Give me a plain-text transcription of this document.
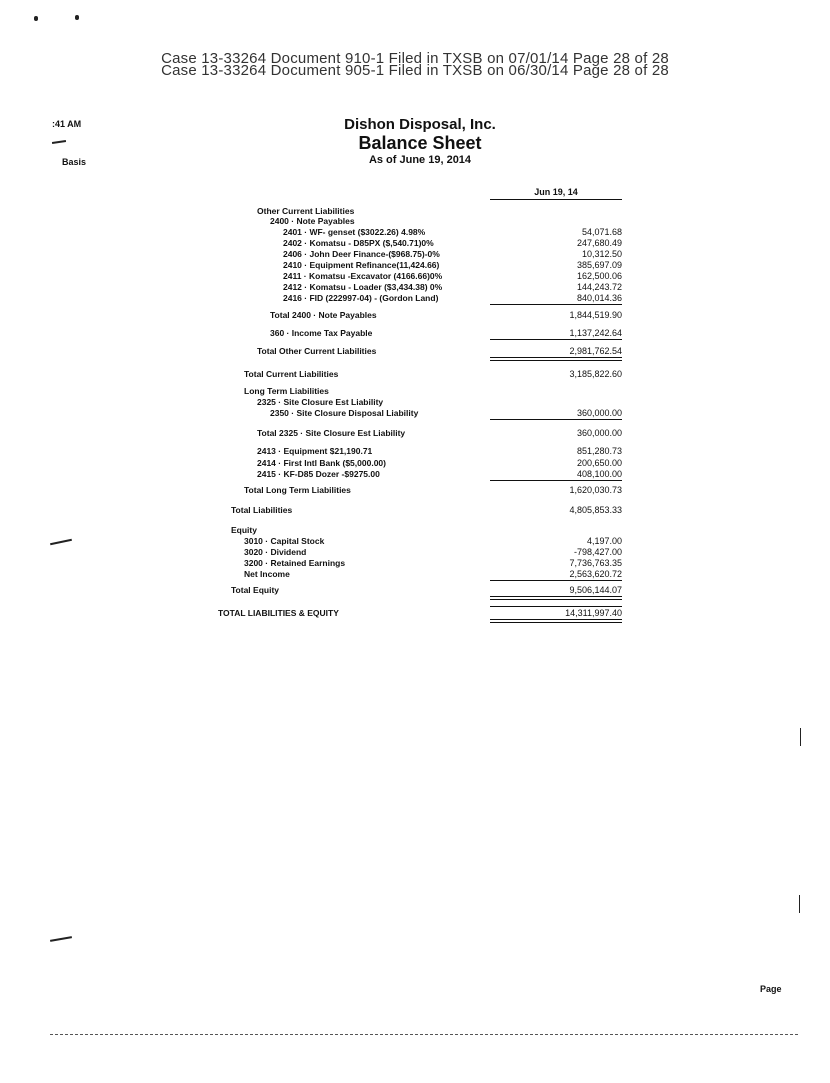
Case 13-33264 Document 910-1 Filed in TXSB on 07/01/14 Page 28 of 28
Case 13-33264 Document 905-1 Filed in TXSB on 06/30/14 Page 28 of 28
:41 AM
Basis
Dishon Disposal, Inc.
Balance Sheet
As of June 19, 2014
Jun 19, 14
Other Current Liabilities
2400 · Note Payables
2401 · WF- genset ($3022.26) 4.98%	54,071.68
2402 · Komatsu - D85PX ($,540.71)0%	247,680.49
2406 · John Deer Finance-($968.75)-0%	10,312.50
2410 · Equipment Refinance(11,424.66)	385,697.09
2411 · Komatsu -Excavator (4166.66)0%	162,500.06
2412 · Komatsu - Loader ($3,434.38) 0%	144,243.72
2416 · FID (222997-04) - (Gordon Land)	840,014.36
Total 2400 · Note Payables	1,844,519.90
360 · Income Tax Payable	1,137,242.64
Total Other Current Liabilities	2,981,762.54
Total Current Liabilities	3,185,822.60
Long Term Liabilities
2325 · Site Closure Est Liability
2350 · Site Closure Disposal Liability	360,000.00
Total 2325 · Site Closure Est Liability	360,000.00
2413 · Equipment $21,190.71	851,280.73
2414 · First Intl Bank ($5,000.00)	200,650.00
2415 · KF-D85 Dozer -$9275.00	408,100.00
Total Long Term Liabilities	1,620,030.73
Total Liabilities	4,805,853.33
Equity
3010 · Capital Stock	4,197.00
3020 · Dividend	-798,427.00
3200 · Retained Earnings	7,736,763.35
Net Income	2,563,620.72
Total Equity	9,506,144.07
TOTAL LIABILITIES & EQUITY	14,311,997.40
Page
